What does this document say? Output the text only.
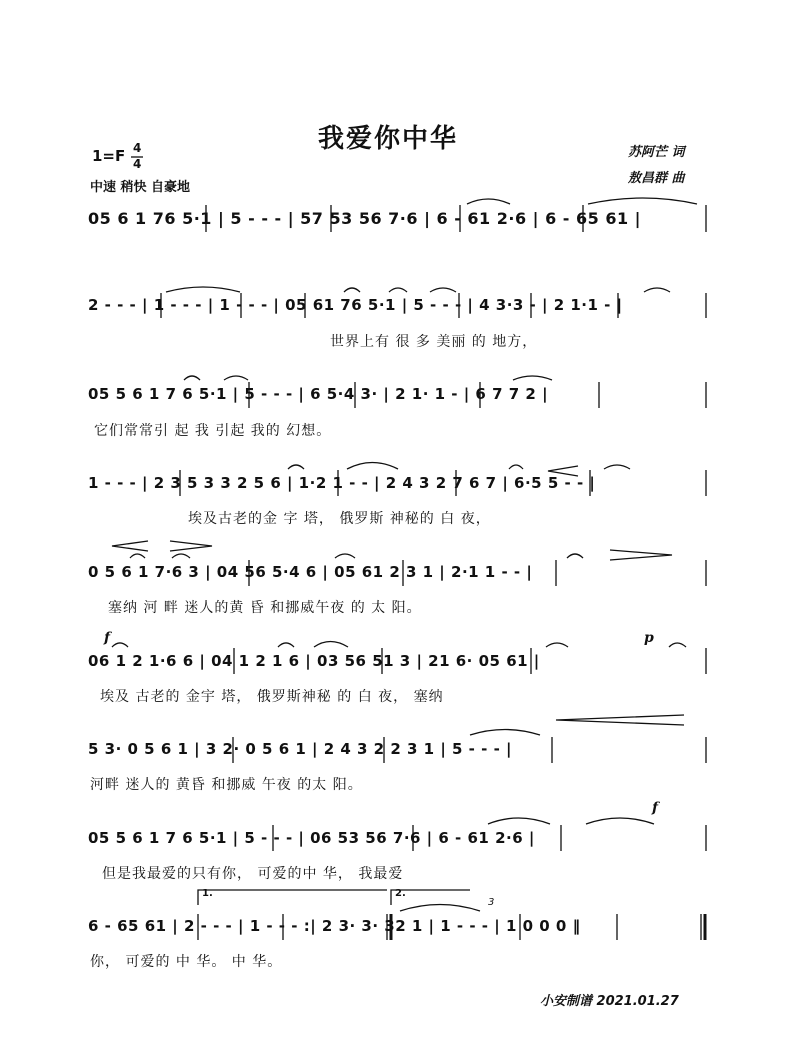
我爱你中华
1=F 4
4
中速 稍快 自豪地
苏阿芒 词
敖昌群 曲
f	p
f
1.	2.
3
05 6 1 76 5·1 | 5 - - - | 57 53 56 7·6 | 6 - 61 2·6 | 6 - 65 61 |
2 - - - | 1 - - - | 1 - - - | 05 61 76 5·1 | 5 - - - | 4 3·3 - | 2 1·1 - |
世界上有 很 多 美丽 的 地方，
05 5 6 1 7 6 5·1 | 5 - - - | 6 5·4 3· | 2 1· 1 - | 6 7 7 2 |
它们常常引 起 我 引起 我的 幻想。
1 - - - | 2 3 5 3 3 2 5 6 | 1·2 1 - - | 2 4 3 2 7 6 7 | 6·5 5 - - |
埃及古老的金 字 塔， 俄罗斯 神秘的 白 夜，
0 5 6 1 7·6 3 | 04 56 5·4 6 | 05 61 2 3 1 | 2·1 1 - - |
塞纳 河 畔 迷人的黄 昏 和挪威午夜 的 太 阳。
06 1 2 1·6 6 | 04 1 2 1 6 | 03 56 51 3 | 21 6· 05 61 |
埃及 古老的 金宇 塔， 俄罗斯神秘 的 白 夜， 塞纳
5 3· 0 5 6 1 | 3 2· 0 5 6 1 | 2 4 3 2 2 3 1 | 5 - - - |
河畔 迷人的 黄昏 和挪威 午夜 的太 阳。
05 5 6 1 7 6 5·1 | 5 - - - | 06 53 56 7·6 | 6 - 61 2·6 |
但是我最爱的只有你， 可爱的中 华， 我最爱
6 - 65 61 | 2 - - - | 1 - - - :| 2 3· 3· 32 1 | 1 - - - | 1 0 0 0 ‖
你， 可爱的 中 华。 中 华。
小安制谱 2021.01.27
